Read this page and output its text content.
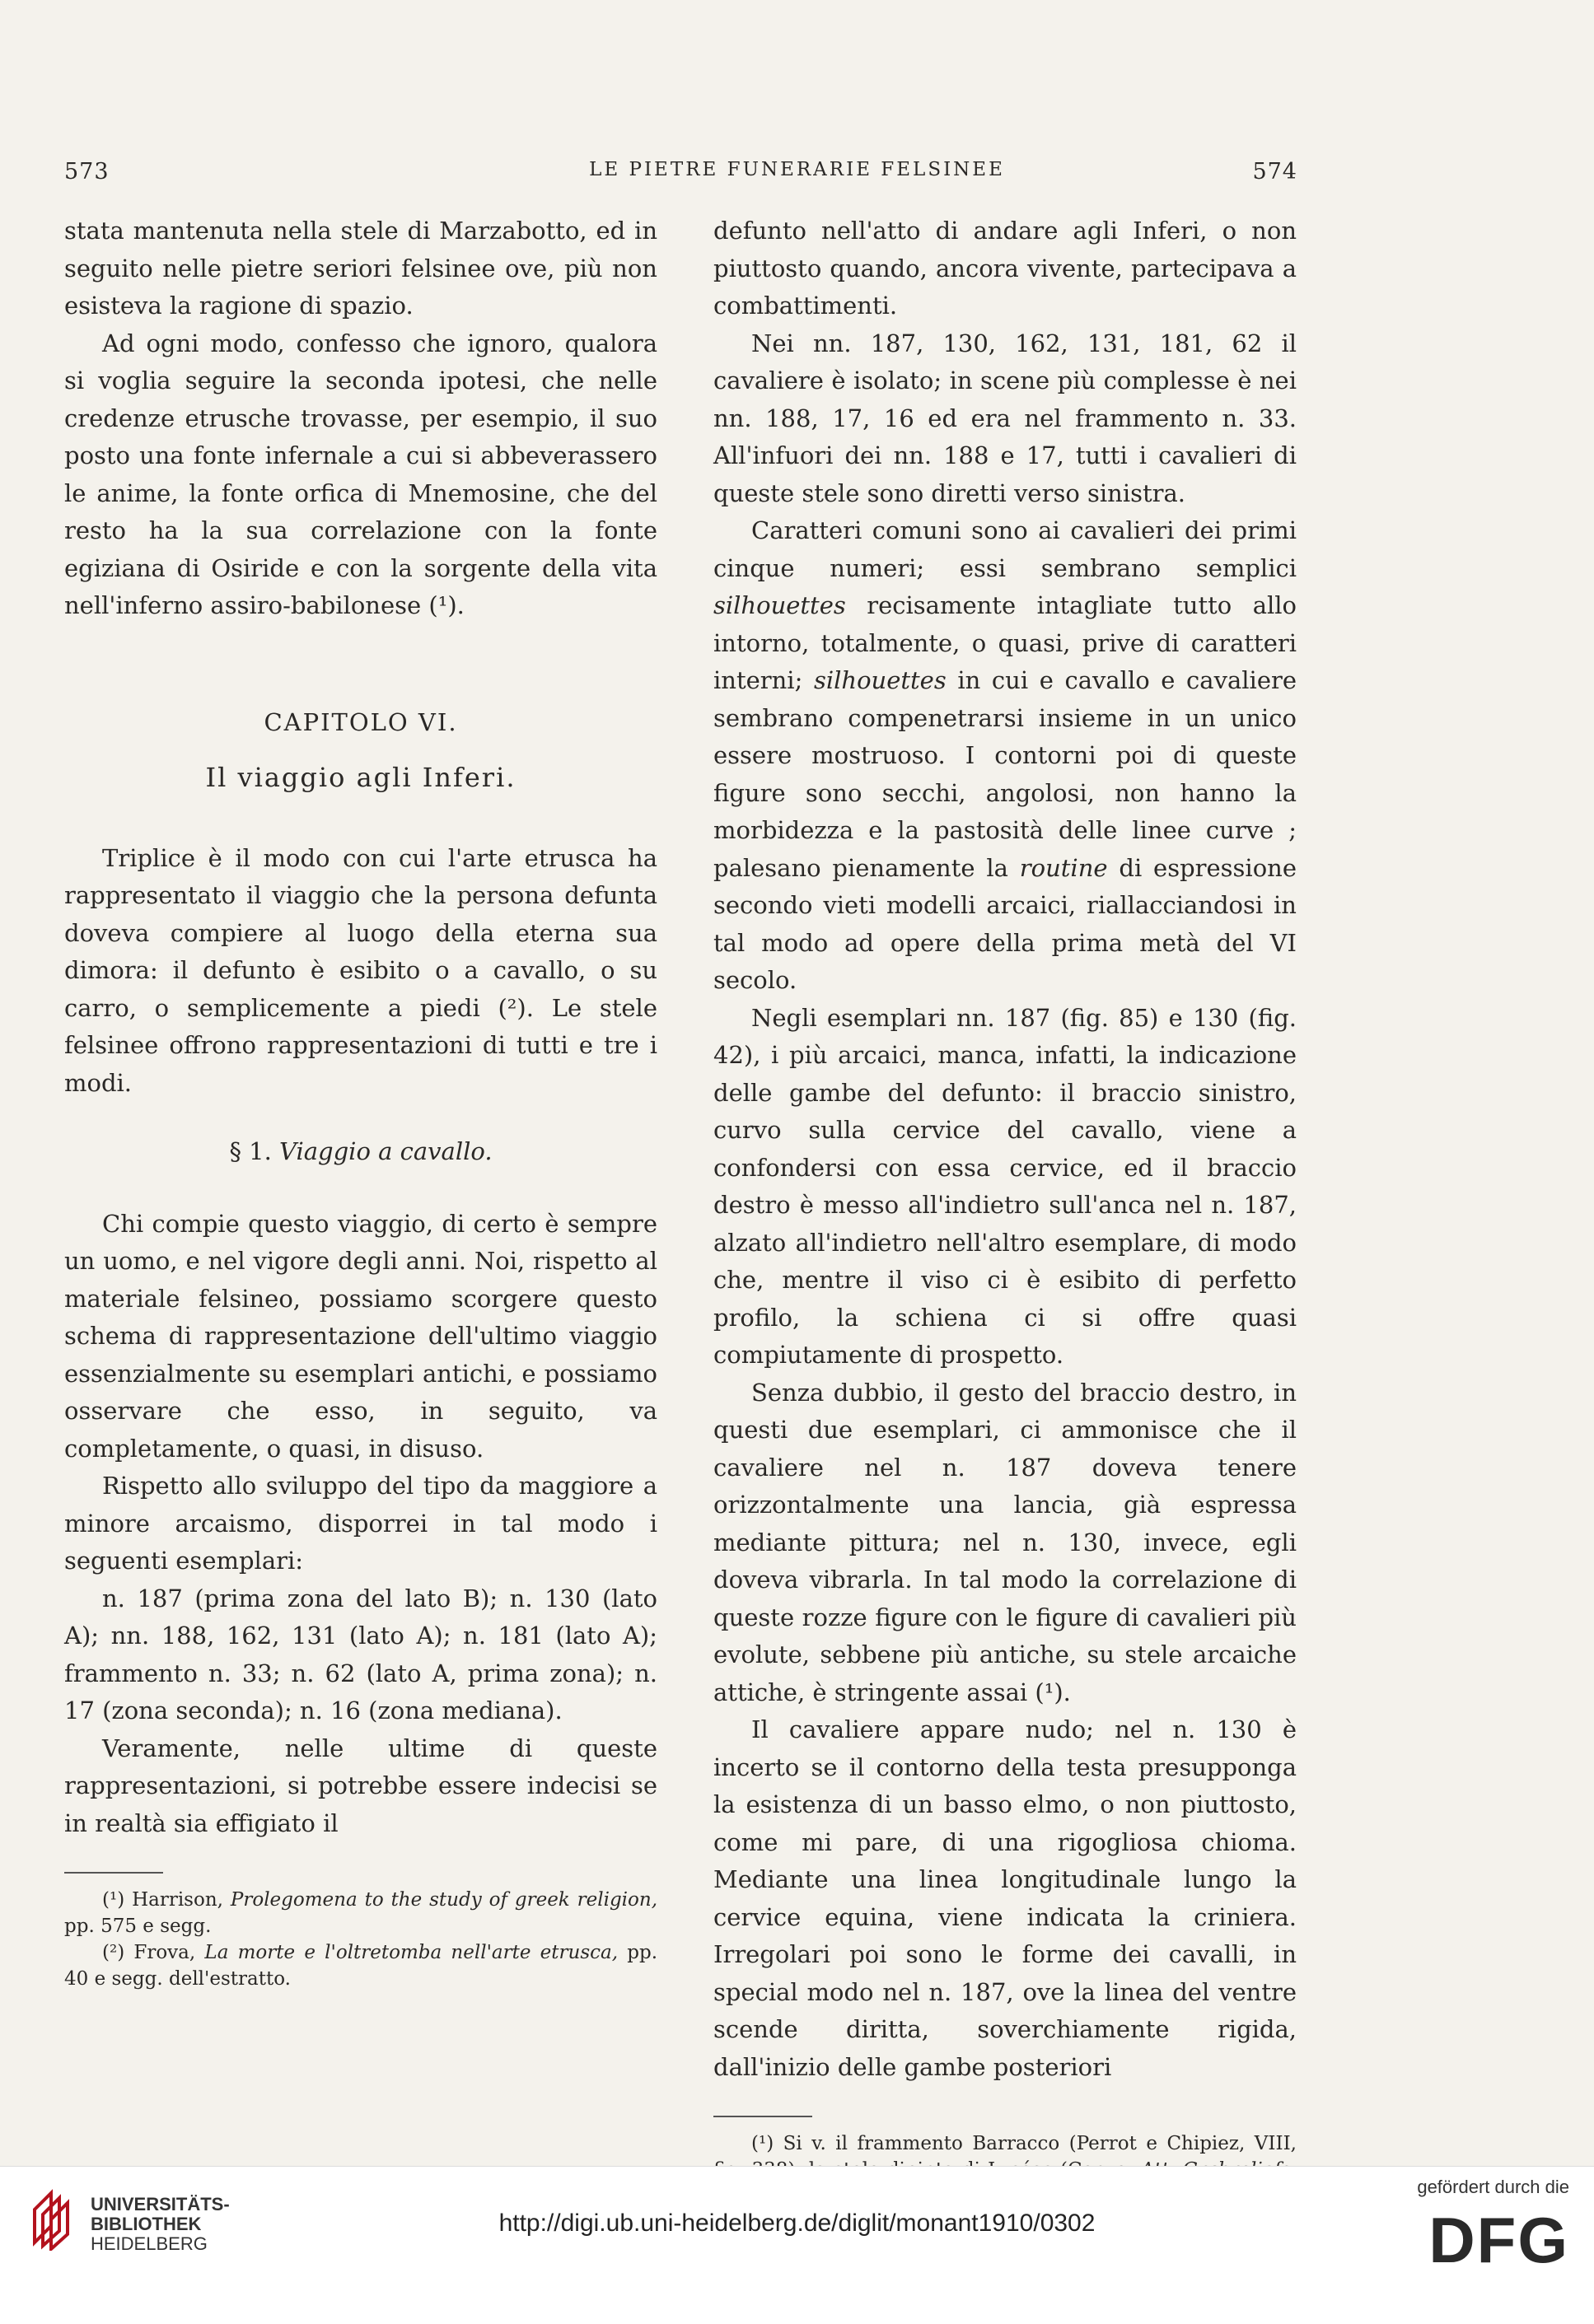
573	LE PIETRE FUNERARIE FELSINEE	574

stata mantenuta nella stele di Marzabotto, ed in seguito nelle pietre seriori felsinee ove, più non esisteva la ragione di spazio.

Ad ogni modo, confesso che ignoro, qualora si voglia seguire la seconda ipotesi, che nelle credenze etrusche trovasse, per esempio, il suo posto una fonte infernale a cui si abbeverassero le anime, la fonte orfica di Mnemosine, che del resto ha la sua correlazione con la fonte egiziana di Osiride e con la sorgente della vita nell'inferno assiro-babilonese (¹).

CAPITOLO VI.

Il viaggio agli Inferi.

Triplice è il modo con cui l'arte etrusca ha rappresentato il viaggio che la persona defunta doveva compiere al luogo della eterna sua dimora: il defunto è esibito o a cavallo, o su carro, o semplicemente a piedi (²). Le stele felsinee offrono rappresentazioni di tutti e tre i modi.

§ 1. Viaggio a cavallo.

Chi compie questo viaggio, di certo è sempre un uomo, e nel vigore degli anni. Noi, rispetto al materiale felsineo, possiamo scorgere questo schema di rappresentazione dell'ultimo viaggio essenzialmente su esemplari antichi, e possiamo osservare che esso, in seguito, va completamente, o quasi, in disuso.

Rispetto allo sviluppo del tipo da maggiore a minore arcaismo, disporrei in tal modo i seguenti esemplari:

n. 187 (prima zona del lato B); n. 130 (lato A); nn. 188, 162, 131 (lato A); n. 181 (lato A); frammento n. 33; n. 62 (lato A, prima zona); n. 17 (zona seconda); n. 16 (zona mediana).

Veramente, nelle ultime di queste rappresentazioni, si potrebbe essere indecisi se in realtà sia effigiato il

(¹) Harrison, Prolegomena to the study of greek religion, pp. 575 e segg.

(²) Frova, La morte e l'oltretomba nell'arte etrusca, pp. 40 e segg. dell'estratto.

defunto nell'atto di andare agli Inferi, o non piuttosto quando, ancora vivente, partecipava a combattimenti.

Nei nn. 187, 130, 162, 131, 181, 62 il cavaliere è isolato; in scene più complesse è nei nn. 188, 17, 16 ed era nel frammento n. 33. All'infuori dei nn. 188 e 17, tutti i cavalieri di queste stele sono diretti verso sinistra.

Caratteri comuni sono ai cavalieri dei primi cinque numeri; essi sembrano semplici silhouettes recisamente intagliate tutto allo intorno, totalmente, o quasi, prive di caratteri interni; silhouettes in cui e cavallo e cavaliere sembrano compenetrarsi insieme in un unico essere mostruoso. I contorni poi di queste figure sono secchi, angolosi, non hanno la morbidezza e la pastosità delle linee curve ; palesano pienamente la routine di espressione secondo vieti modelli arcaici, riallacciandosi in tal modo ad opere della prima metà del VI secolo.

Negli esemplari nn. 187 (fig. 85) e 130 (fig. 42), i più arcaici, manca, infatti, la indicazione delle gambe del defunto: il braccio sinistro, curvo sulla cervice del cavallo, viene a confondersi con essa cervice, ed il braccio destro è messo all'indietro sull'anca nel n. 187, alzato all'indietro nell'altro esemplare, di modo che, mentre il viso ci è esibito di perfetto profilo, la schiena ci si offre quasi compiutamente di prospetto.

Senza dubbio, il gesto del braccio destro, in questi due esemplari, ci ammonisce che il cavaliere nel n. 187 doveva tenere orizzontalmente una lancia, già espressa mediante pittura; nel n. 130, invece, egli doveva vibrarla. In tal modo la correlazione di queste rozze figure con le figure di cavalieri più evolute, sebbene più antiche, su stele arcaiche attiche, è stringente assai (¹).

Il cavaliere appare nudo; nel n. 130 è incerto se il contorno della testa presupponga la esistenza di un basso elmo, o non piuttosto, come mi pare, di una rigogliosa chioma. Mediante una linea longitudinale lungo la cervice equina, viene indicata la criniera. Irregolari poi sono le forme dei cavalli, in special modo nel n. 187, ove la linea del ventre scende diritta, soverchiamente rigida, dall'inizio delle gambe posteriori

(¹) Si v. il frammento Barracco (Perrot e Chipiez, VIII,

UNIVERSITÄTS-
BIBLIOTHEK
HEIDELBERG
http://digi.ub.uni-heidelberg.de/diglit/monant1910/0302
gefördert durch die
DFG
